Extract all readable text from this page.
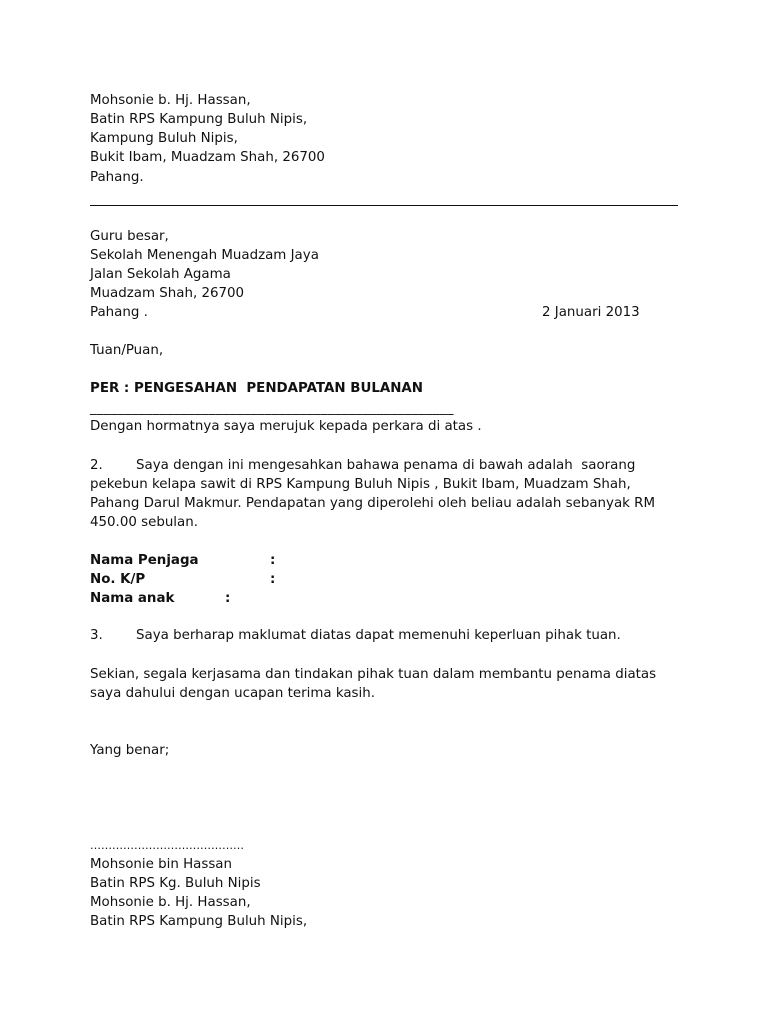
Mohsonie b. Hj. Hassan,
Batin RPS Kampung Buluh Nipis,
Kampung Buluh Nipis,
Bukit Ibam, Muadzam Shah, 26700
Pahang.
Guru besar,
Sekolah Menengah Muadzam Jaya
Jalan Sekolah Agama
Muadzam Shah, 26700
Pahang .	2 Januari 2013
Tuan/Puan,
PER : PENGESAHAN  PENDAPATAN BULANAN
____________________________________________________
Dengan hormatnya saya merujuk kepada perkara di atas .
2. Saya dengan ini mengesahkan bahawa penama di bawah adalah  saorang
pekebun kelapa sawit di RPS Kampung Buluh Nipis , Bukit Ibam, Muadzam Shah,
Pahang Darul Makmur. Pendapatan yang diperolehi oleh beliau adalah sebanyak RM
450.00 sebulan.
Nama Penjaga	:
No. K/P	:
Nama anak	:
3. Saya berharap maklumat diatas dapat memenuhi keperluan pihak tuan.
Sekian, segala kerjasama dan tindakan pihak tuan dalam membantu penama diatas
saya dahului dengan ucapan terima kasih.
Yang benar;
……………………………………
Mohsonie bin Hassan
Batin RPS Kg. Buluh Nipis
Mohsonie b. Hj. Hassan,
Batin RPS Kampung Buluh Nipis,
